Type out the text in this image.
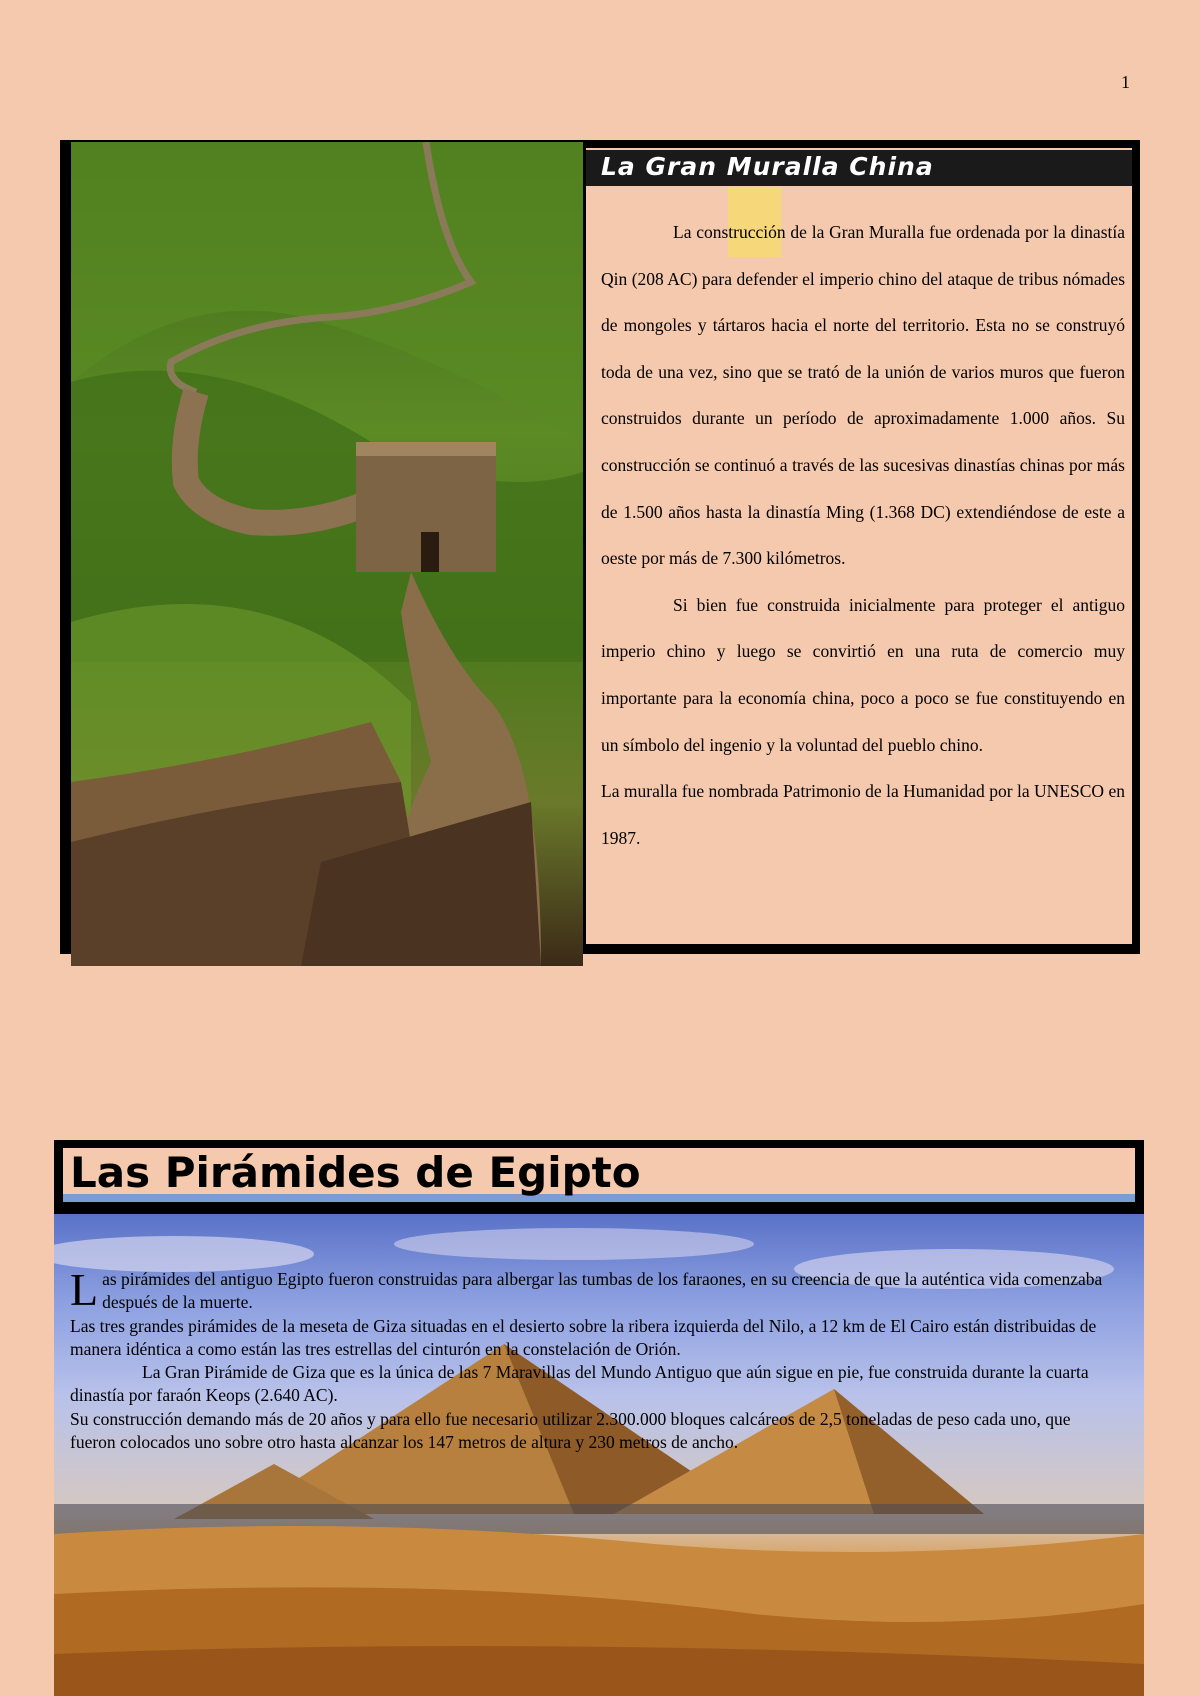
1
La Gran Muralla China

La construcción de la Gran Muralla fue ordenada por la dinastía Qin (208 AC) para defender el imperio chino del ataque de tribus nómades de mongoles y tártaros hacia el norte del territorio. Esta no se construyó toda de una vez, sino que se trató de la unión de varios muros que fueron construidos durante un período de aproximadamente 1.000 años. Su construcción se continuó a través de las sucesivas dinastías chinas por más de 1.500 años hasta la dinastía Ming (1.368 DC) extendiéndose de este a oeste por más de 7.300 kilómetros.

Si bien fue construida inicialmente para proteger el antiguo imperio chino y luego se convirtió en una ruta de comercio muy importante para la economía china, poco a poco se fue constituyendo en un símbolo del ingenio y la voluntad del pueblo chino.

La muralla fue nombrada Patrimonio de la Humanidad por la UNESCO en 1987.

Las Pirámides de Egipto

Las pirámides del antiguo Egipto fueron construidas para albergar las tumbas de los faraones, en su creencia de que la auténtica vida comenzaba después de la muerte.

Las tres grandes pirámides de la meseta de Giza situadas en el desierto sobre la ribera izquierda del Nilo, a 12 km de El Cairo están distribuidas de manera idéntica a como están las tres estrellas del cinturón en la constelación de Orión.

La Gran Pirámide de Giza que es la única de las 7 Maravillas del Mundo Antiguo que aún sigue en pie, fue construida durante la cuarta dinastía por faraón Keops (2.640 AC).

Su construcción demando más de 20 años y para ello fue necesario utilizar 2.300.000 bloques calcáreos de 2,5 toneladas de peso cada uno, que fueron colocados uno sobre otro hasta alcanzar los 147 metros de altura y 230 metros de ancho.
